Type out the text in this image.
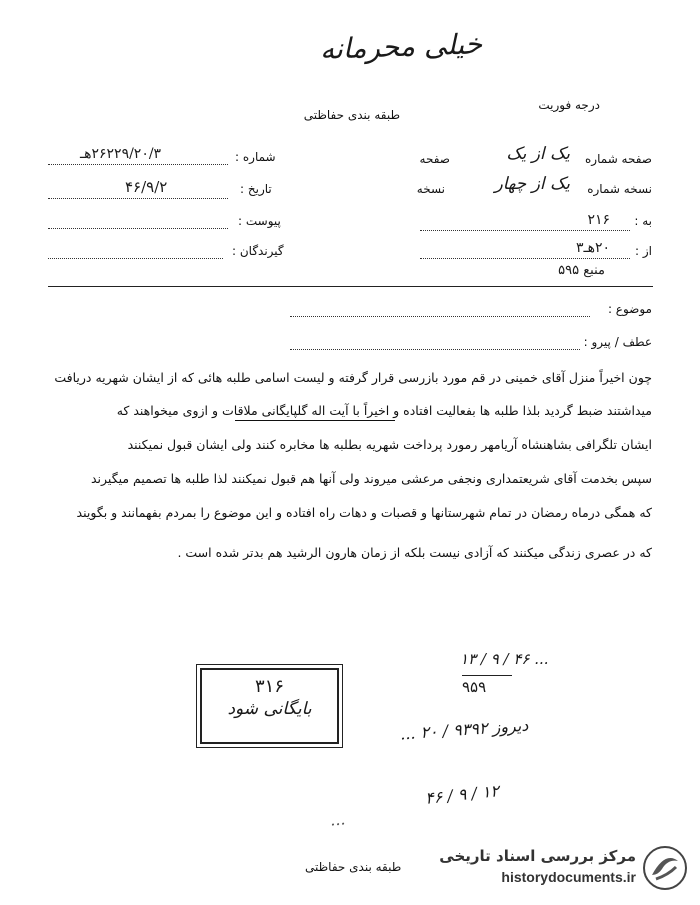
خیلی محرمانه
درجه فوریت
طبقه بندی حفاظتی
صفحه شماره
یک از یک
صفحه
نسخه شماره
یک از چهار
نسخه
شماره :
۲۶۲۲۹/۲۰/۳هـ
تاریخ :
۴۶/۹/۲
پیوست :
گیرندگان :
به :
۲۱۶
از :
۲۰هـ۳
منبع ۵۹۵
موضوع :
عطف / پیرو :
چون اخیراً منزل آقای خمینی در قم مورد بازرسی قرار گرفته و لیست اسامی طلبه هائی که از ایشان شهریه دریافت
میداشتند ضبط گردید بلذا طلبه ها بفعالیت افتاده و اخیراً با آیت اله گلپایگانی ملاقات و ازوی میخواهند که
ایشان تلگرافی بشاهنشاه آریامهر رمورد پرداخت شهریه بطلبه ها مخابره کنند ولی ایشان قبول نمیکنند
سپس بخدمت آقای شریعتمداری ونجفی مرعشی میروند ولی آنها هم قبول نمیکنند لذا طلبه ها تصمیم میگیرند
که همگی درماه رمضان در تمام شهرستانها و قصبات و دهات راه افتاده و این موضوع را بمردم بفهمانند و بگویند
که در عصری زندگی میکنند که آزادی نیست بلکه از زمان هارون الرشید هم بدتر شده است .
۳۱۶
بایگانی شود
۱۳ / ۹ / ۴۶ ...
۹۵۹
دیروز ۹۳۹۲ / ۲۰ ...
۴۶ / ۹ / ۱۲
...
طبقه بندی حفاظتی
مرکز بررسی اسناد تاریخی
historydocuments.ir
